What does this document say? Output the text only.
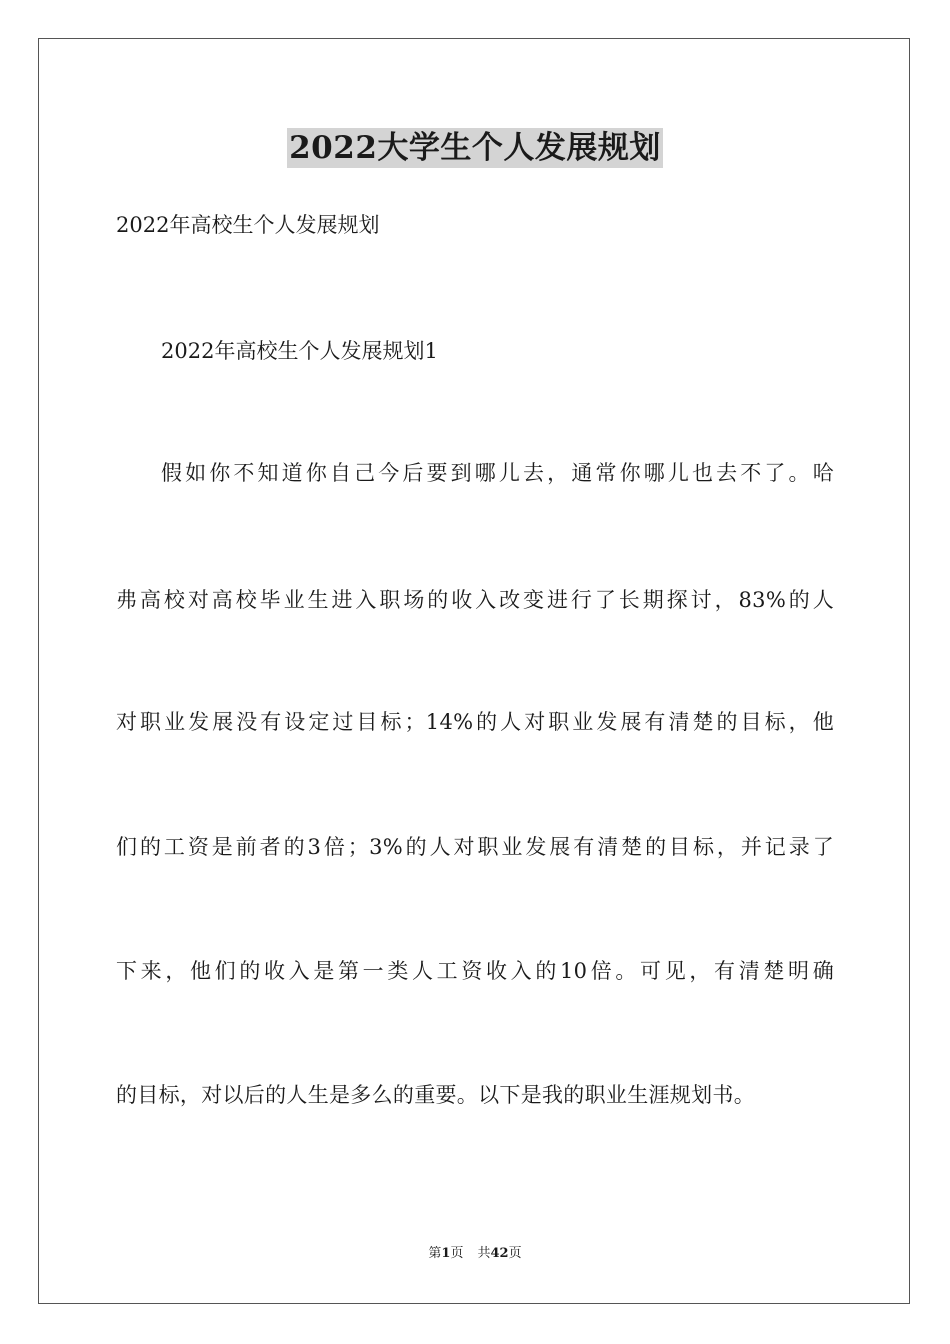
2022大学生个人发展规划

2022年高校生个人发展规划

2022年高校生个人发展规划1

假如你不知道你自己今后要到哪儿去，通常你哪儿也去不了。哈

弗高校对高校毕业生进入职场的收入改变进行了长期探讨，83%的人

对职业发展没有设定过目标；14%的人对职业发展有清楚的目标，他

们的工资是前者的3倍；3%的人对职业发展有清楚的目标，并记录了

下来，他们的收入是第一类人工资收入的10倍。可见，有清楚明确

的目标，对以后的人生是多么的重要。以下是我的职业生涯规划书。

第1页 共42页
